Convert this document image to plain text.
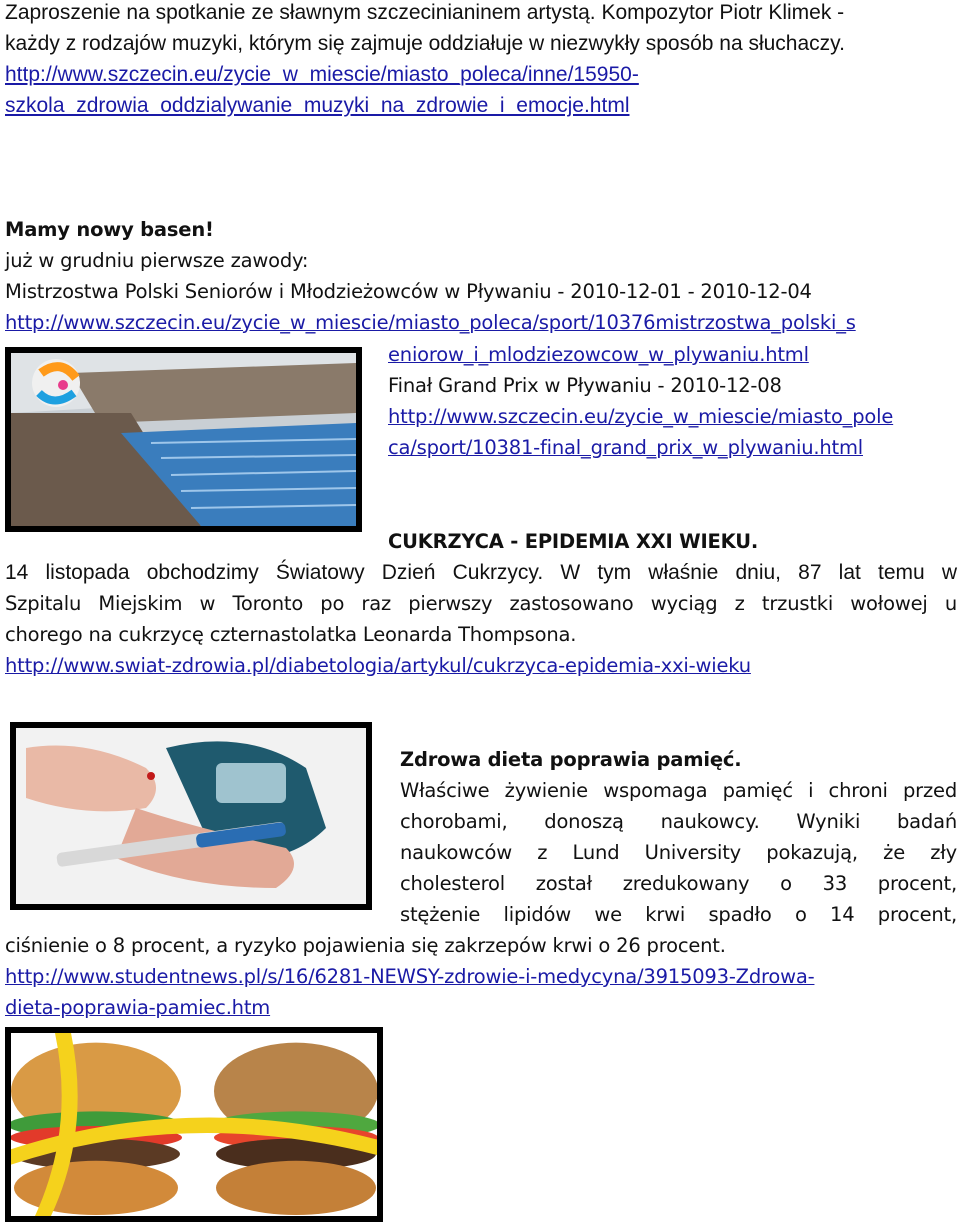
Zaproszenie na spotkanie ze sławnym szczecinianinem artystą. Kompozytor Piotr Klimek -
każdy z rodzajów muzyki, którym się zajmuje oddziałuje w niezwykły sposób na słuchaczy.
http://www.szczecin.eu/zycie_w_miescie/miasto_poleca/inne/15950-
szkola_zdrowia_oddzialywanie_muzyki_na_zdrowie_i_emocje.html
Mamy nowy basen!
już w grudniu pierwsze zawody:
Mistrzostwa Polski Seniorów i Młodzieżowców w Pływaniu - 2010-12-01 - 2010-12-04
http://www.szczecin.eu/zycie_w_miescie/miasto_poleca/sport/10376mistrzostwa_polski_s
eniorow_i_mlodziezowcow_w_plywaniu.html
Finał Grand Prix w Pływaniu - 2010-12-08
http://www.szczecin.eu/zycie_w_miescie/miasto_pole
ca/sport/10381-final_grand_prix_w_plywaniu.html
CUKRZYCA - EPIDEMIA XXI WIEKU.
14 listopada obchodzimy Światowy Dzień Cukrzycy. W tym właśnie dniu, 87 lat temu w
Szpitalu Miejskim w Toronto po raz pierwszy zastosowano wyciąg z trzustki wołowej u
chorego na cukrzycę czternastolatka Leonarda Thompsona.
http://www.swiat-zdrowia.pl/diabetologia/artykul/cukrzyca-epidemia-xxi-wieku
Zdrowa dieta poprawia pamięć.
Właściwe żywienie wspomaga pamięć i chroni przed
chorobami, donoszą naukowcy. Wyniki badań
naukowców z Lund University pokazują, że zły
cholesterol został zredukowany o 33 procent,
stężenie lipidów we krwi spadło o 14 procent,
ciśnienie o 8 procent, a ryzyko pojawienia się zakrzepów krwi o 26 procent.
http://www.studentnews.pl/s/16/6281-NEWSY-zdrowie-i-medycyna/3915093-Zdrowa-
dieta-poprawia-pamiec.htm
